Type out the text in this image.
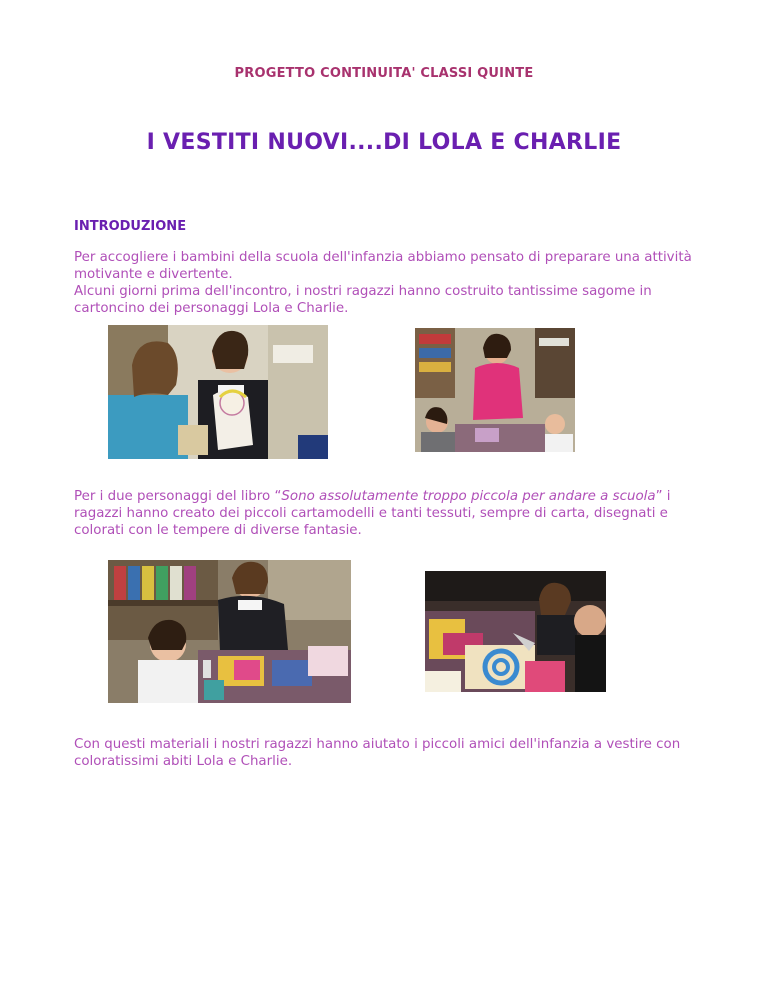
PROGETTO CONTINUITA' CLASSI QUINTE
I VESTITI NUOVI....DI LOLA E CHARLIE
INTRODUZIONE

Per accogliere i bambini della scuola dell'infanzia abbiamo pensato di preparare una attività motivante e divertente.

Alcuni giorni prima dell'incontro, i nostri ragazzi hanno costruito tantissime sagome in cartoncino dei personaggi Lola e Charlie.

Per i due personaggi del libro “Sono assolutamente troppo piccola per andare a scuola” i ragazzi hanno creato dei piccoli cartamodelli e tanti tessuti, sempre di carta, disegnati e colorati con le tempere di diverse fantasie.

Con questi materiali i nostri ragazzi hanno aiutato i piccoli amici dell'infanzia a vestire con coloratissimi abiti Lola e Charlie.
